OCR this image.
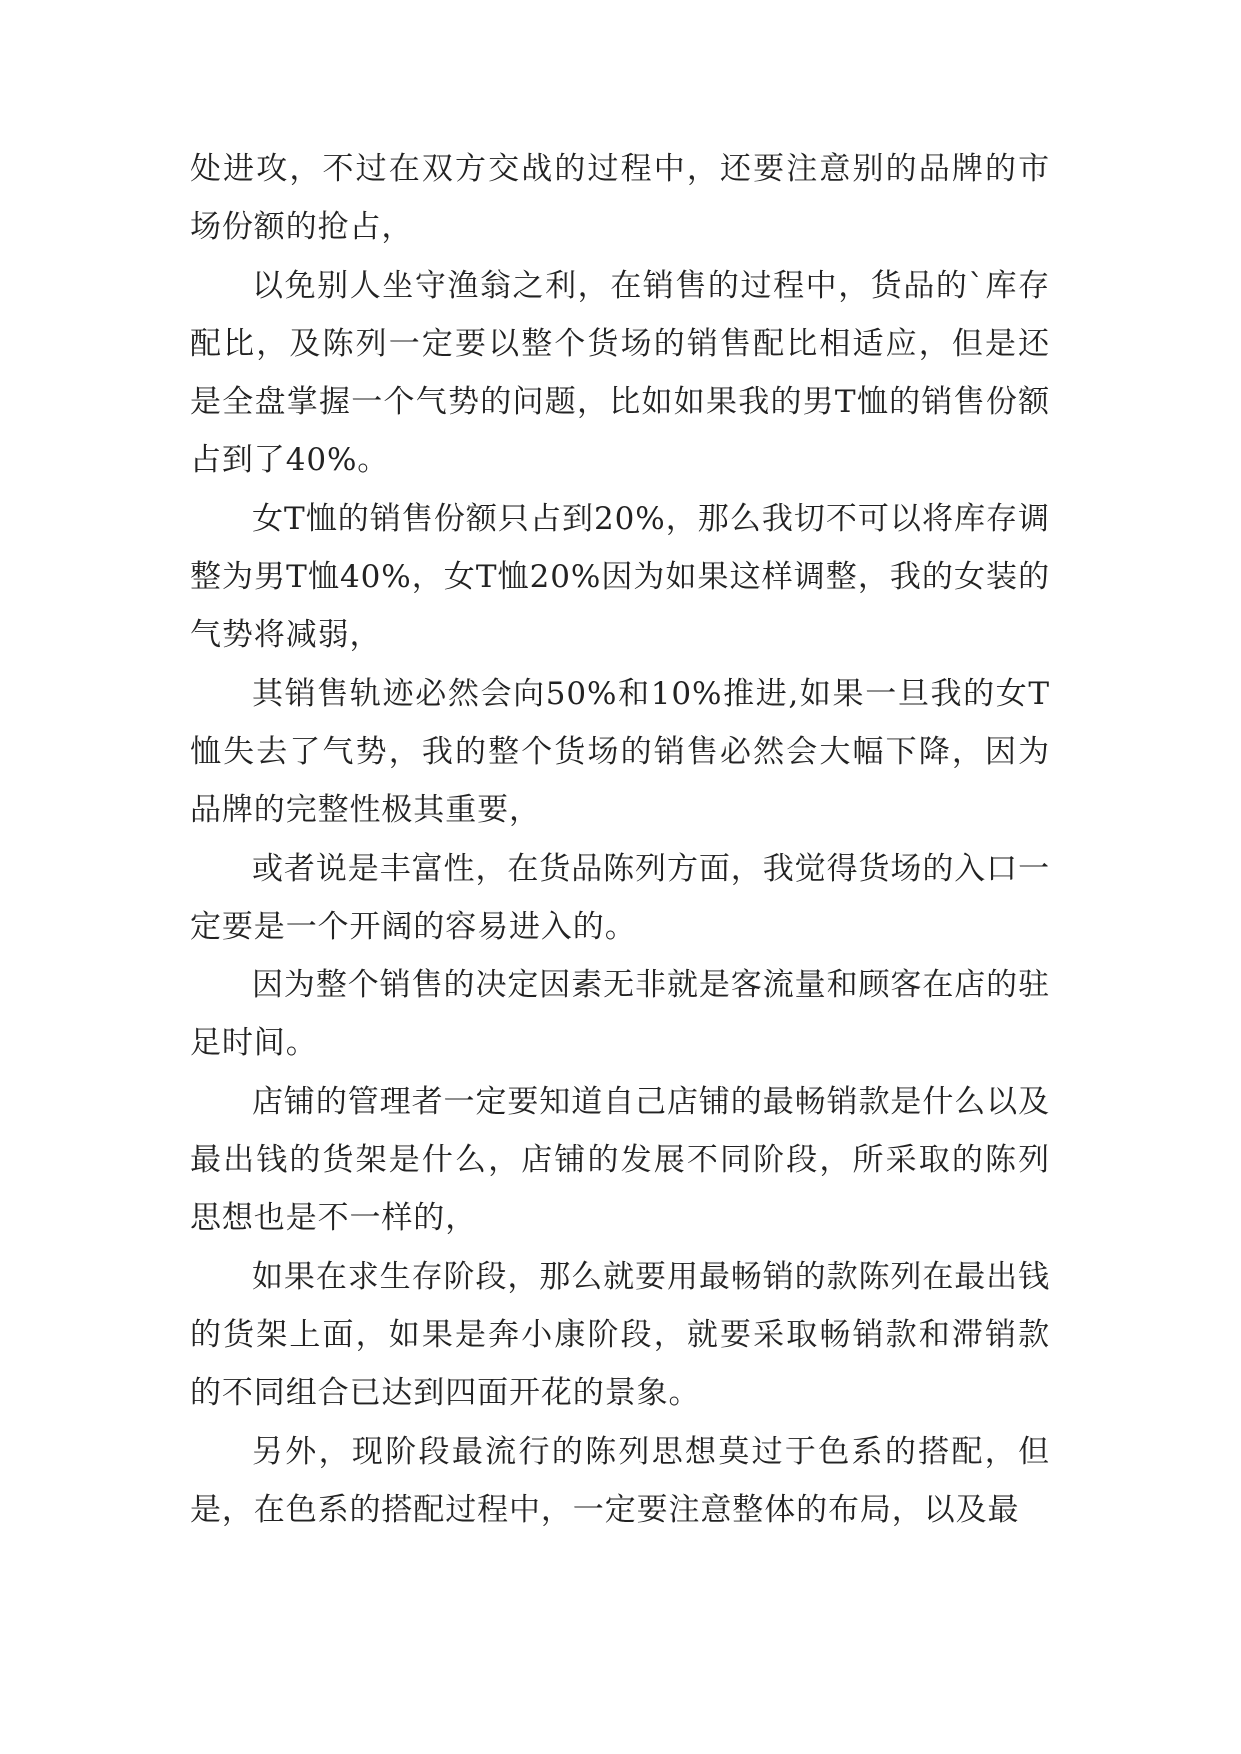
处进攻，不过在双方交战的过程中，还要注意别的品牌的市场份额的抢占，

以免别人坐守渔翁之利，在销售的过程中，货品的`库存配比，及陈列一定要以整个货场的销售配比相适应，但是还是全盘掌握一个气势的问题，比如如果我的男T恤的销售份额占到了40%。

女T恤的销售份额只占到20%，那么我切不可以将库存调整为男T恤40%，女T恤20%因为如果这样调整，我的女装的气势将减弱，

其销售轨迹必然会向50%和10%推进,如果一旦我的女T恤失去了气势，我的整个货场的销售必然会大幅下降，因为品牌的完整性极其重要，

或者说是丰富性，在货品陈列方面，我觉得货场的入口一定要是一个开阔的容易进入的。

因为整个销售的决定因素无非就是客流量和顾客在店的驻足时间。

店铺的管理者一定要知道自己店铺的最畅销款是什么以及最出钱的货架是什么，店铺的发展不同阶段，所采取的陈列思想也是不一样的，

如果在求生存阶段，那么就要用最畅销的款陈列在最出钱的货架上面，如果是奔小康阶段，就要采取畅销款和滞销款的不同组合已达到四面开花的景象。

另外，现阶段最流行的陈列思想莫过于色系的搭配，但是，在色系的搭配过程中，一定要注意整体的布局，以及最
